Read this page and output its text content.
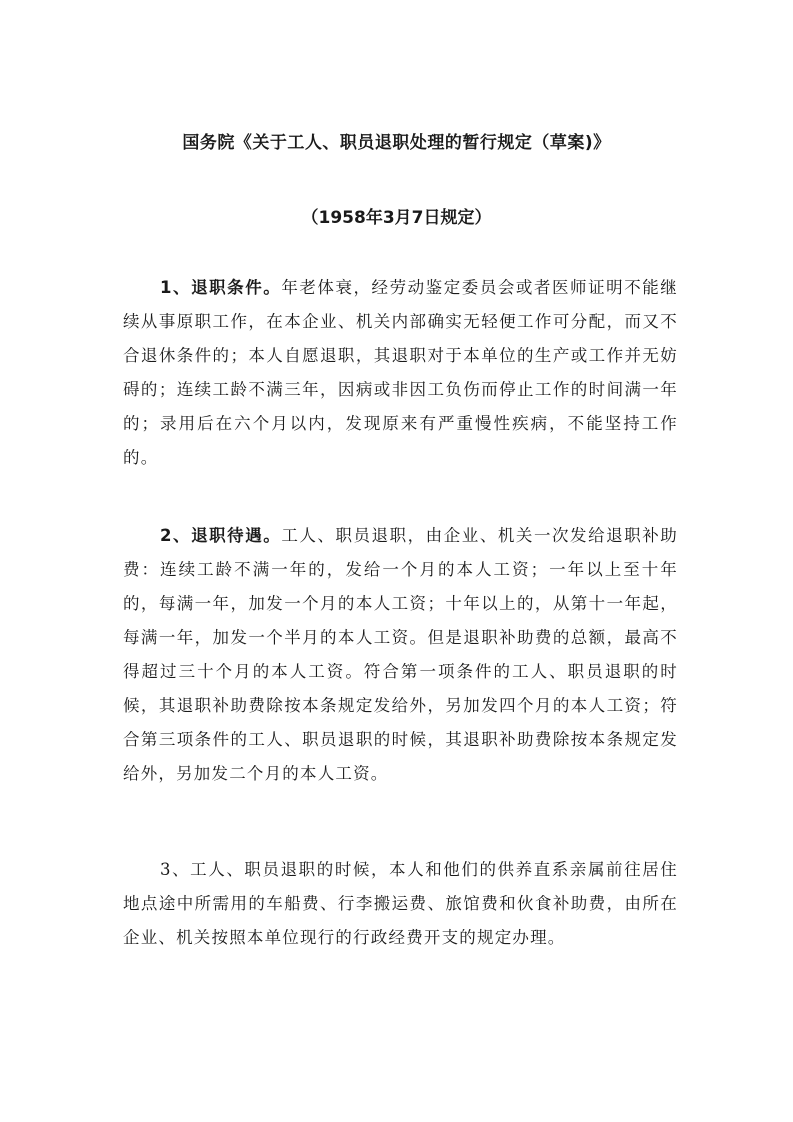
国务院《关于工人、职员退职处理的暂行规定（草案)》
（1958年3月7日规定）

1、退职条件。年老体衰，经劳动鉴定委员会或者医师证明不能继续从事原职工作，在本企业、机关内部确实无轻便工作可分配，而又不合退休条件的；本人自愿退职，其退职对于本单位的生产或工作并无妨碍的；连续工龄不满三年，因病或非因工负伤而停止工作的时间满一年的；录用后在六个月以内，发现原来有严重慢性疾病，不能坚持工作的。

2、退职待遇。工人、职员退职，由企业、机关一次发给退职补助费：连续工龄不满一年的，发给一个月的本人工资；一年以上至十年的，每满一年，加发一个月的本人工资；十年以上的，从第十一年起，每满一年，加发一个半月的本人工资。但是退职补助费的总额，最高不得超过三十个月的本人工资。符合第一项条件的工人、职员退职的时候，其退职补助费除按本条规定发给外，另加发四个月的本人工资；符合第三项条件的工人、职员退职的时候，其退职补助费除按本条规定发给外，另加发二个月的本人工资。

3、工人、职员退职的时候，本人和他们的供养直系亲属前往居住地点途中所需用的车船费、行李搬运费、旅馆费和伙食补助费，由所在企业、机关按照本单位现行的行政经费开支的规定办理。
